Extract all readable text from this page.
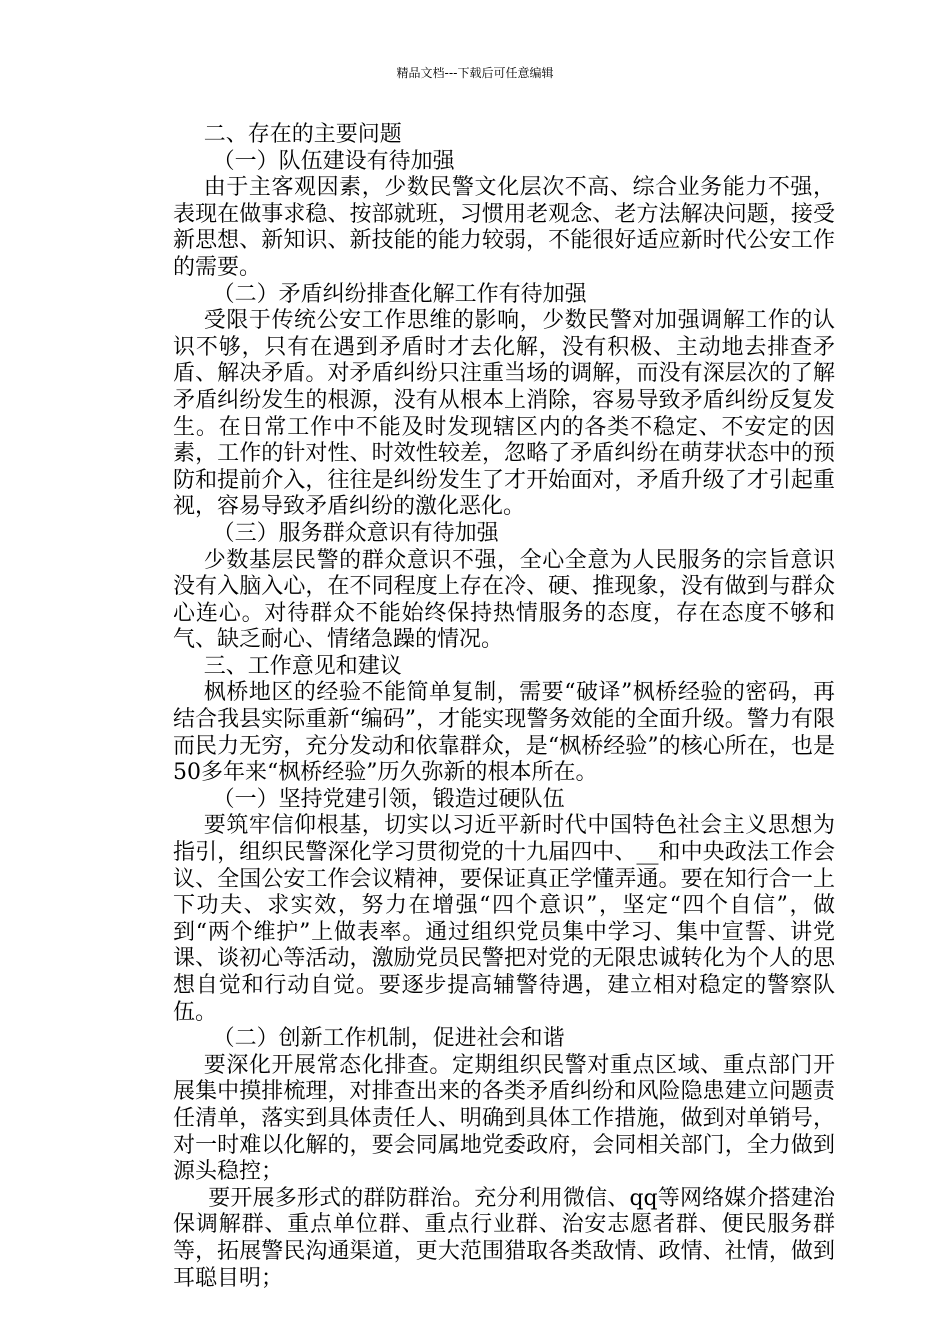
精品文档---下载后可任意编辑

二、存在的主要问题

（一）队伍建设有待加强

由于主客观因素，少数民警文化层次不高、综合业务能力不强，表现在做事求稳、按部就班，习惯用老观念、老方法解决问题，接受新思想、新知识、新技能的能力较弱，不能很好适应新时代公安工作的需要。

（二）矛盾纠纷排查化解工作有待加强

受限于传统公安工作思维的影响，少数民警对加强调解工作的认识不够，只有在遇到矛盾时才去化解，没有积极、主动地去排查矛盾、解决矛盾。对矛盾纠纷只注重当场的调解，而没有深层次的了解矛盾纠纷发生的根源，没有从根本上消除，容易导致矛盾纠纷反复发生。在日常工作中不能及时发现辖区内的各类不稳定、不安定的因素，工作的针对性、时效性较差，忽略了矛盾纠纷在萌芽状态中的预防和提前介入，往往是纠纷发生了才开始面对，矛盾升级了才引起重视，容易导致矛盾纠纷的激化恶化。

（三）服务群众意识有待加强

少数基层民警的群众意识不强，全心全意为人民服务的宗旨意识没有入脑入心，在不同程度上存在冷、硬、推现象，没有做到与群众心连心。对待群众不能始终保持热情服务的态度，存在态度不够和气、缺乏耐心、情绪急躁的情况。

三、工作意见和建议

枫桥地区的经验不能简单复制，需要“破译”枫桥经验的密码，再结合我县实际重新“编码”，才能实现警务效能的全面升级。警力有限而民力无穷，充分发动和依靠群众，是“枫桥经验”的核心所在，也是50多年来“枫桥经验”历久弥新的根本所在。

（一）坚持党建引领，锻造过硬队伍

要筑牢信仰根基，切实以习近平新时代中国特色社会主义思想为指引，组织民警深化学习贯彻党的十九届四中、__和中央政法工作会议、全国公安工作会议精神，要保证真正学懂弄通。要在知行合一上下功夫、求实效，努力在增强“四个意识”，坚定“四个自信”，做到“两个维护”上做表率。通过组织党员集中学习、集中宣誓、讲党课、谈初心等活动，激励党员民警把对党的无限忠诚转化为个人的思想自觉和行动自觉。要逐步提高辅警待遇，建立相对稳定的警察队伍。

（二）创新工作机制，促进社会和谐

要深化开展常态化排查。定期组织民警对重点区域、重点部门开展集中摸排梳理，对排查出来的各类矛盾纠纷和风险隐患建立问题责任清单，落实到具体责任人、明确到具体工作措施，做到对单销号，对一时难以化解的，要会同属地党委政府，会同相关部门，全力做到源头稳控；

要开展多形式的群防群治。充分利用微信、qq等网络媒介搭建治保调解群、重点单位群、重点行业群、治安志愿者群、便民服务群等，拓展警民沟通渠道，更大范围猎取各类敌情、政情、社情，做到耳聪目明；
